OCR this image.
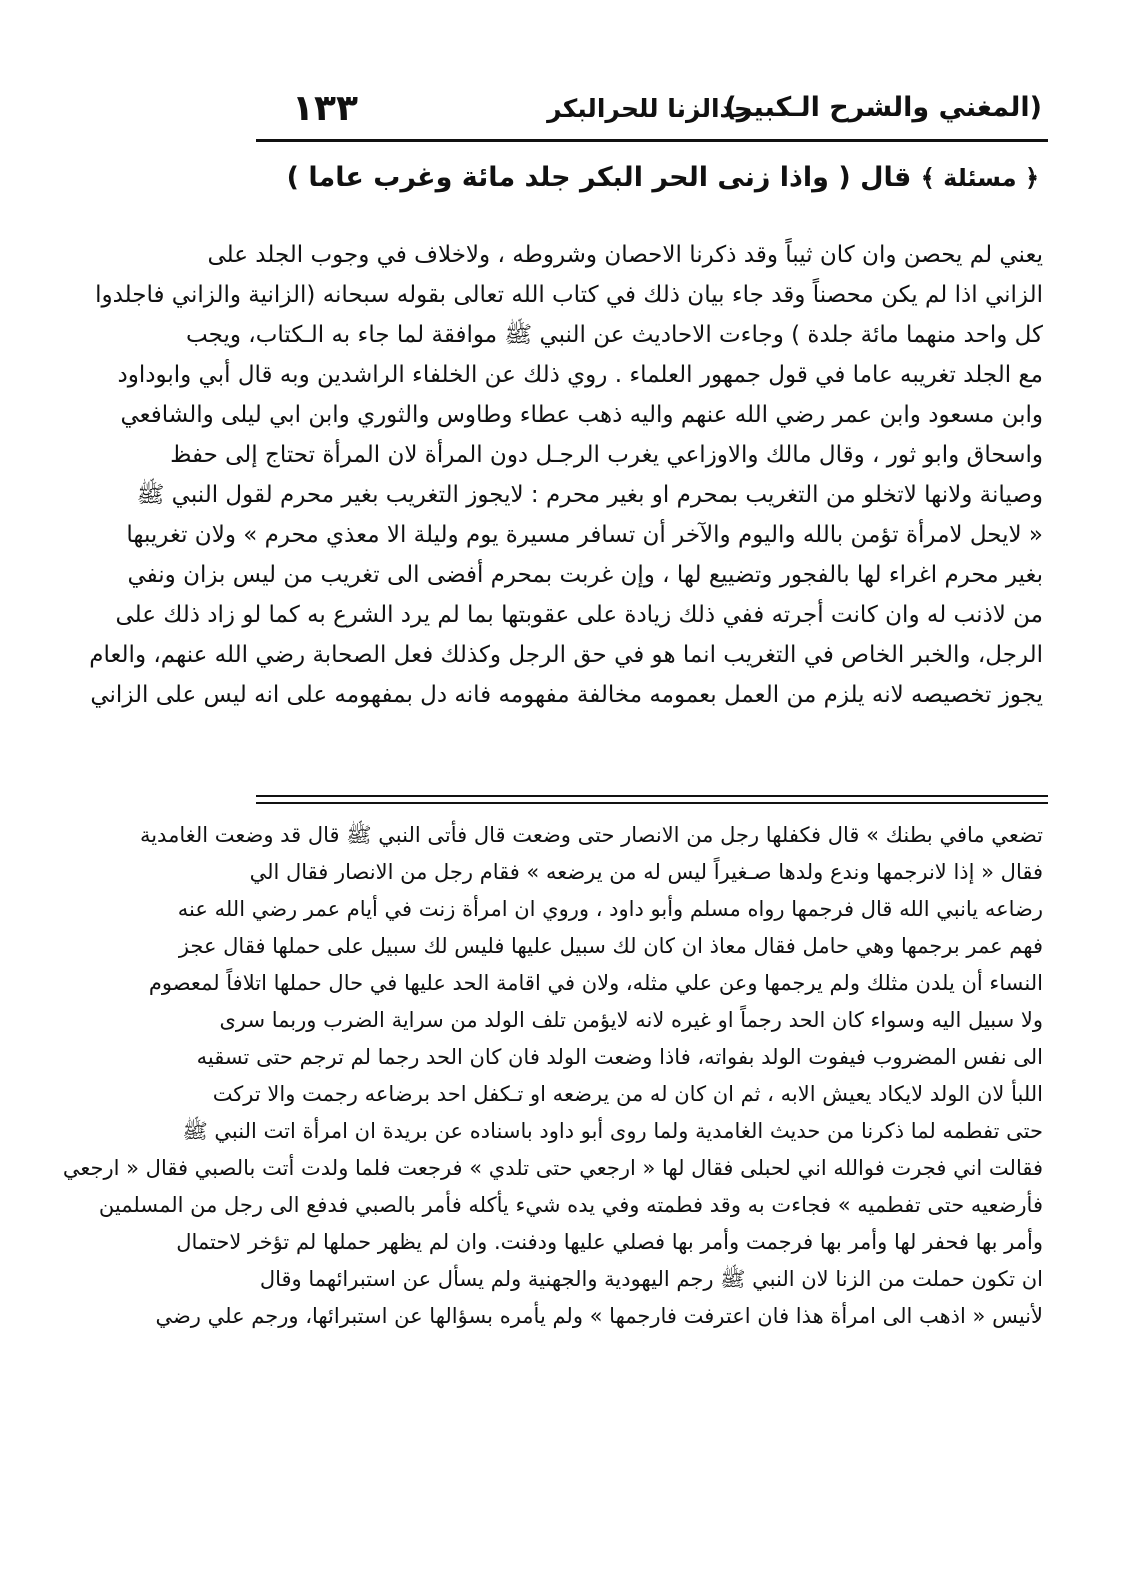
(المغني والشرح الـكبير)
حدالزنا للحرالبكر
١٣٣
﴿ مسئلة ﴾ قال ( واذا زنى الحر البكر جلد مائة وغرب عاما )
يعني لم يحصن وان كان ثيباً وقد ذكرنا الاحصان وشروطه ، ولاخلاف في وجوب الجلد على
الزاني اذا لم يكن محصناً وقد جاء بيان ذلك في كتاب الله تعالى بقوله سبحانه (الزانية والزاني فاجلدوا
كل واحد منهما مائة جلدة ) وجاءت الاحاديث عن النبي ﷺ موافقة لما جاء به الـكتاب، ويجب
مع الجلد تغريبه عاما في قول جمهور العلماء . روي ذلك عن الخلفاء الراشدين وبه قال أبي وابوداود
وابن مسعود وابن عمر رضي الله عنهم واليه ذهب عطاء وطاوس والثوري وابن ابي ليلى والشافعي
واسحاق وابو ثور ، وقال مالك والاوزاعي يغرب الرجـل دون المرأة لان المرأة تحتاج إلى حفظ
وصيانة ولانها لاتخلو من التغريب بمحرم او بغير محرم : لايجوز التغريب بغير محرم لقول النبي ﷺ
« لايحل لامرأة تؤمن بالله واليوم والآخر أن تسافر مسيرة يوم وليلة الا معذي محرم » ولان تغريبها
بغير محرم اغراء لها بالفجور وتضييع لها ، وإن غربت بمحرم أفضى الى تغريب من ليس بزان ونفي
من لاذنب له وان كانت أجرته ففي ذلك زيادة على عقوبتها بما لم يرد الشرع به كما لو زاد ذلك على
الرجل، والخبر الخاص في التغريب انما هو في حق الرجل وكذلك فعل الصحابة رضي الله عنهم، والعام
يجوز تخصيصه لانه يلزم من العمل بعمومه مخالفة مفهومه فانه دل بمفهومه على انه ليس على الزاني
تضعي مافي بطنك » قال فكفلها رجل من الانصار حتى وضعت قال فأتى النبي ﷺ قال قد وضعت الغامدية
فقال « إذا لانرجمها وندع ولدها صـغيراً ليس له من يرضعه » فقام رجل من الانصار فقال الي
رضاعه يانبي الله قال فرجمها رواه مسلم وأبو داود ، وروي ان امرأة زنت في أيام عمر رضي الله عنه
فهم عمر برجمها وهي حامل فقال معاذ ان كان لك سبيل عليها فليس لك سبيل على حملها فقال عجز
النساء أن يلدن مثلك ولم يرجمها وعن علي مثله، ولان في اقامة الحد عليها في حال حملها اتلافاً لمعصوم
ولا سبيل اليه وسواء كان الحد رجماً او غيره لانه لايؤمن تلف الولد من سراية الضرب وربما سرى
الى نفس المضروب فيفوت الولد بفواته، فاذا وضعت الولد فان كان الحد رجما لم ترجم حتى تسقيه
اللبأ لان الولد لايكاد يعيش الابه ، ثم ان كان له من يرضعه او تـكفل احد برضاعه رجمت والا تركت
حتى تفطمه لما ذكرنا من حديث الغامدية ولما روى أبو داود باسناده عن بريدة ان امرأة اتت النبي ﷺ
فقالت اني فجرت فوالله اني لحبلى فقال لها « ارجعي حتى تلدي » فرجعت فلما ولدت أتت بالصبي فقال « ارجعي
فأرضعيه حتى تفطميه » فجاءت به وقد فطمته وفي يده شيء يأكله فأمر بالصبي فدفع الى رجل من المسلمين
وأمر بها فحفر لها وأمر بها فرجمت وأمر بها فصلي عليها ودفنت. وان لم يظهر حملها لم تؤخر لاحتمال
ان تكون حملت من الزنا لان النبي ﷺ رجم اليهودية والجهنية ولم يسأل عن استبرائهما وقال
لأنيس « اذهب الى امرأة هذا فان اعترفت فارجمها » ولم يأمره بسؤالها عن استبرائها، ورجم علي رضي
